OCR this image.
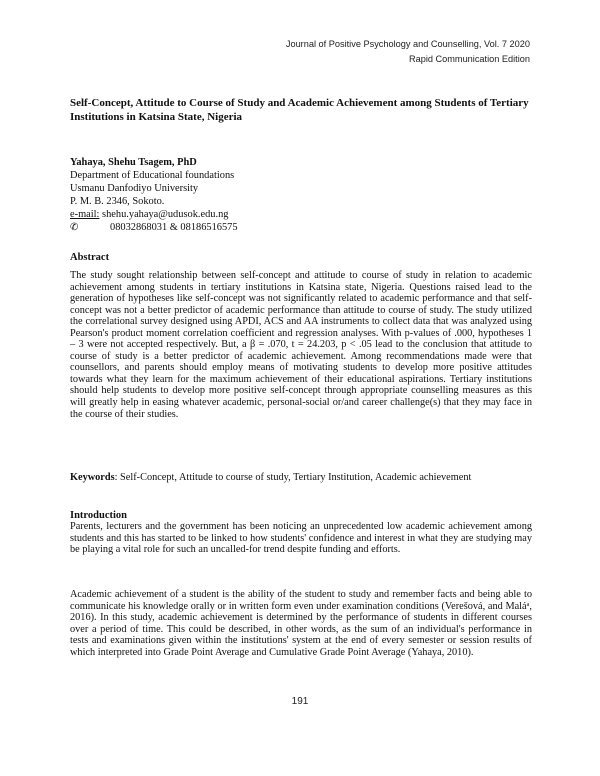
Journal of Positive Psychology and Counselling, Vol. 7 2020
Rapid Communication Edition
Self-Concept, Attitude to Course of Study and Academic Achievement among Students of Tertiary Institutions in Katsina State, Nigeria
Yahaya, Shehu Tsagem, PhD
Department of Educational foundations
Usmanu Danfodiyo University
P. M. B. 2346, Sokoto.
e-mail: shehu.yahaya@udusok.edu.ng
✆	08032868031 & 08186516575
Abstract

The study sought relationship between self-concept and attitude to course of study in relation to academic achievement among students in tertiary institutions in Katsina state, Nigeria. Questions raised lead to the generation of hypotheses like self-concept was not significantly related to academic performance and that self-concept was not a better predictor of academic performance than attitude to course of study. The study utilized the correlational survey designed using APDI, ACS and AA instruments to collect data that was analyzed using Pearson's product moment correlation coefficient and regression analyses. With p-values of .000, hypotheses 1 – 3 were not accepted respectively. But, a β = .070, t = 24.203, p < .05 lead to the conclusion that attitude to course of study is a better predictor of academic achievement. Among recommendations made were that counsellors, and parents should employ means of motivating students to develop more positive attitudes towards what they learn for the maximum achievement of their educational aspirations. Tertiary institutions should help students to develop more positive self-concept through appropriate counselling measures as this will greatly help in easing whatever academic, personal-social or/and career challenge(s) that they may face in the course of their studies.

Keywords: Self-Concept, Attitude to course of study, Tertiary Institution, Academic achievement

Introduction

Parents, lecturers and the government has been noticing an unprecedented low academic achievement among students and this has started to be linked to how students' confidence and interest in what they are studying may be playing a vital role for such an uncalled-for trend despite funding and efforts.

Academic achievement of a student is the ability of the student to study and remember facts and being able to communicate his knowledge orally or in written form even under examination conditions (Verešová, and Maláᵃ, 2016). In this study, academic achievement is determined by the performance of students in different courses over a period of time. This could be described, in other words, as the sum of an individual's performance in tests and examinations given within the institutions' system at the end of every semester or session results of which interpreted into Grade Point Average and Cumulative Grade Point Average (Yahaya, 2010).

191
